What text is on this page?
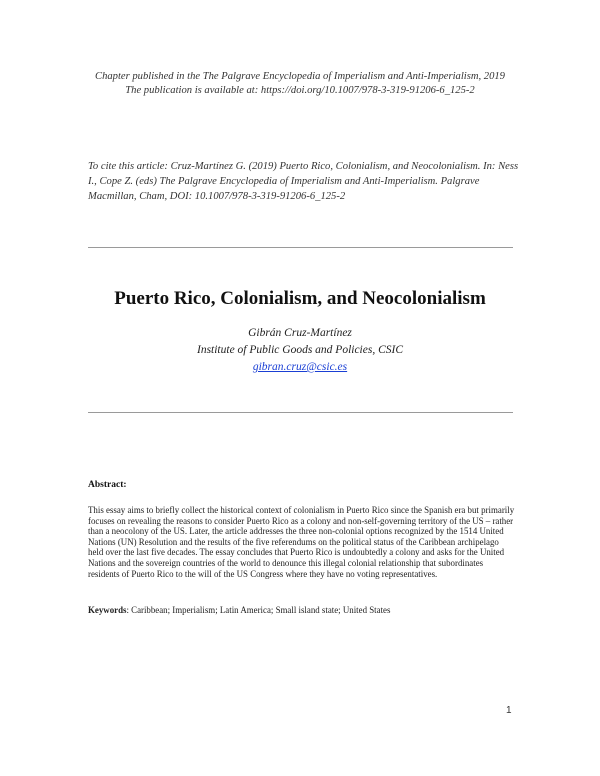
Chapter published in the The Palgrave Encyclopedia of Imperialism and Anti-Imperialism, 2019
The publication is available at: https://doi.org/10.1007/978-3-319-91206-6_125-2
To cite this article: Cruz-Martínez G. (2019) Puerto Rico, Colonialism, and Neocolonialism. In: Ness I., Cope Z. (eds) The Palgrave Encyclopedia of Imperialism and Anti-Imperialism. Palgrave Macmillan, Cham, DOI: 10.1007/978-3-319-91206-6_125-2
Puerto Rico, Colonialism, and Neocolonialism
Gibrán Cruz-Martínez
Institute of Public Goods and Policies, CSIC
gibran.cruz@csic.es
Abstract:
This essay aims to briefly collect the historical context of colonialism in Puerto Rico since the Spanish era but primarily focuses on revealing the reasons to consider Puerto Rico as a colony and non-self-governing territory of the US – rather than a neocolony of the US. Later, the article addresses the three non-colonial options recognized by the 1514 United Nations (UN) Resolution and the results of the five referendums on the political status of the Caribbean archipelago held over the last five decades. The essay concludes that Puerto Rico is undoubtedly a colony and asks for the United Nations and the sovereign countries of the world to denounce this illegal colonial relationship that subordinates residents of Puerto Rico to the will of the US Congress where they have no voting representatives.
Keywords: Caribbean; Imperialism; Latin America; Small island state; United States
1
